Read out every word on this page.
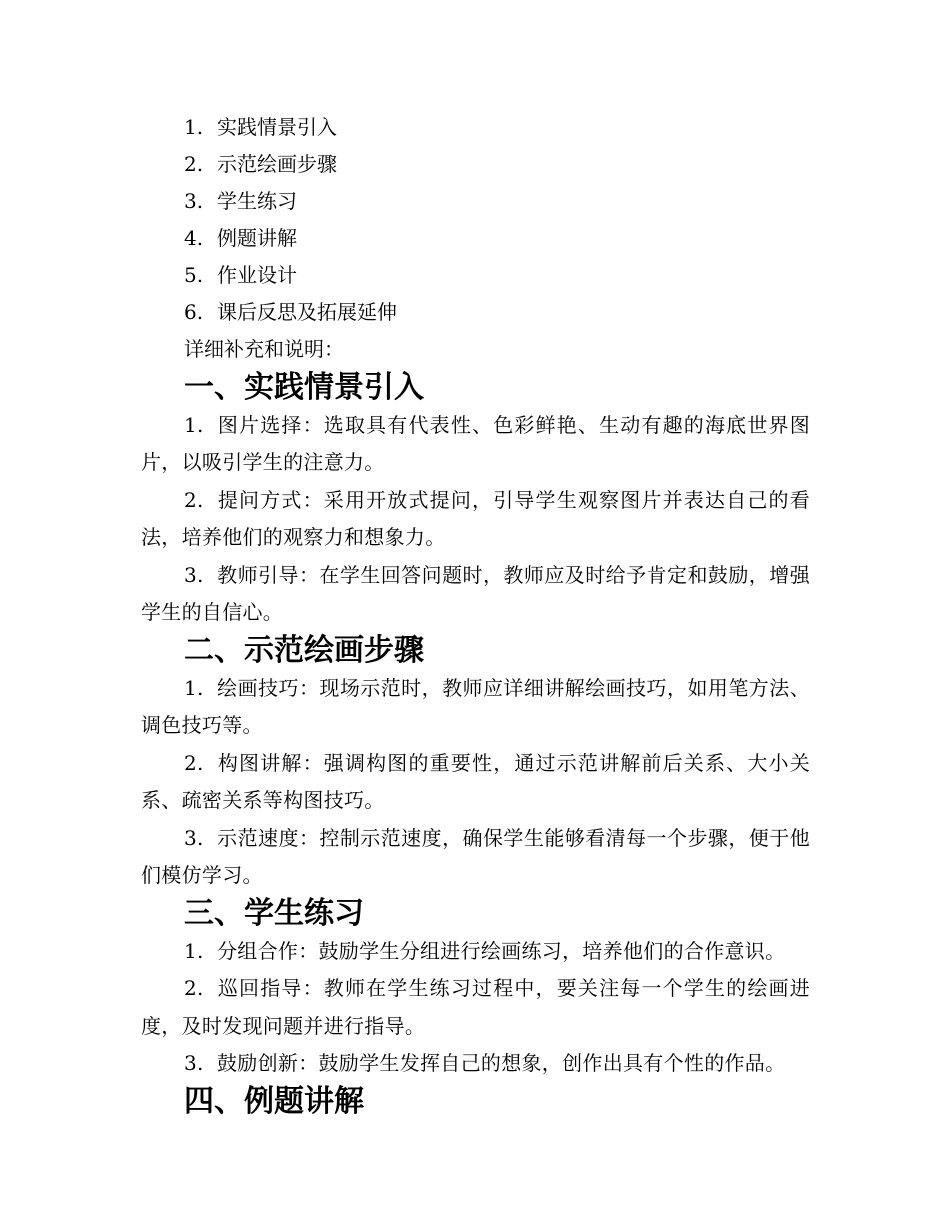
1. 实践情景引入
2. 示范绘画步骤
3. 学生练习
4. 例题讲解
5. 作业设计
6. 课后反思及拓展延伸

详细补充和说明：

一、实践情景引入

1. 图片选择：选取具有代表性、色彩鲜艳、生动有趣的海底世界图片，以吸引学生的注意力。

2. 提问方式：采用开放式提问，引导学生观察图片并表达自己的看法，培养他们的观察力和想象力。

3. 教师引导：在学生回答问题时，教师应及时给予肯定和鼓励，增强学生的自信心。

二、示范绘画步骤

1. 绘画技巧：现场示范时，教师应详细讲解绘画技巧，如用笔方法、调色技巧等。

2. 构图讲解：强调构图的重要性，通过示范讲解前后关系、大小关系、疏密关系等构图技巧。

3. 示范速度：控制示范速度，确保学生能够看清每一个步骤，便于他们模仿学习。

三、学生练习

1. 分组合作：鼓励学生分组进行绘画练习，培养他们的合作意识。

2. 巡回指导：教师在学生练习过程中，要关注每一个学生的绘画进度，及时发现问题并进行指导。

3. 鼓励创新：鼓励学生发挥自己的想象，创作出具有个性的作品。

四、例题讲解
